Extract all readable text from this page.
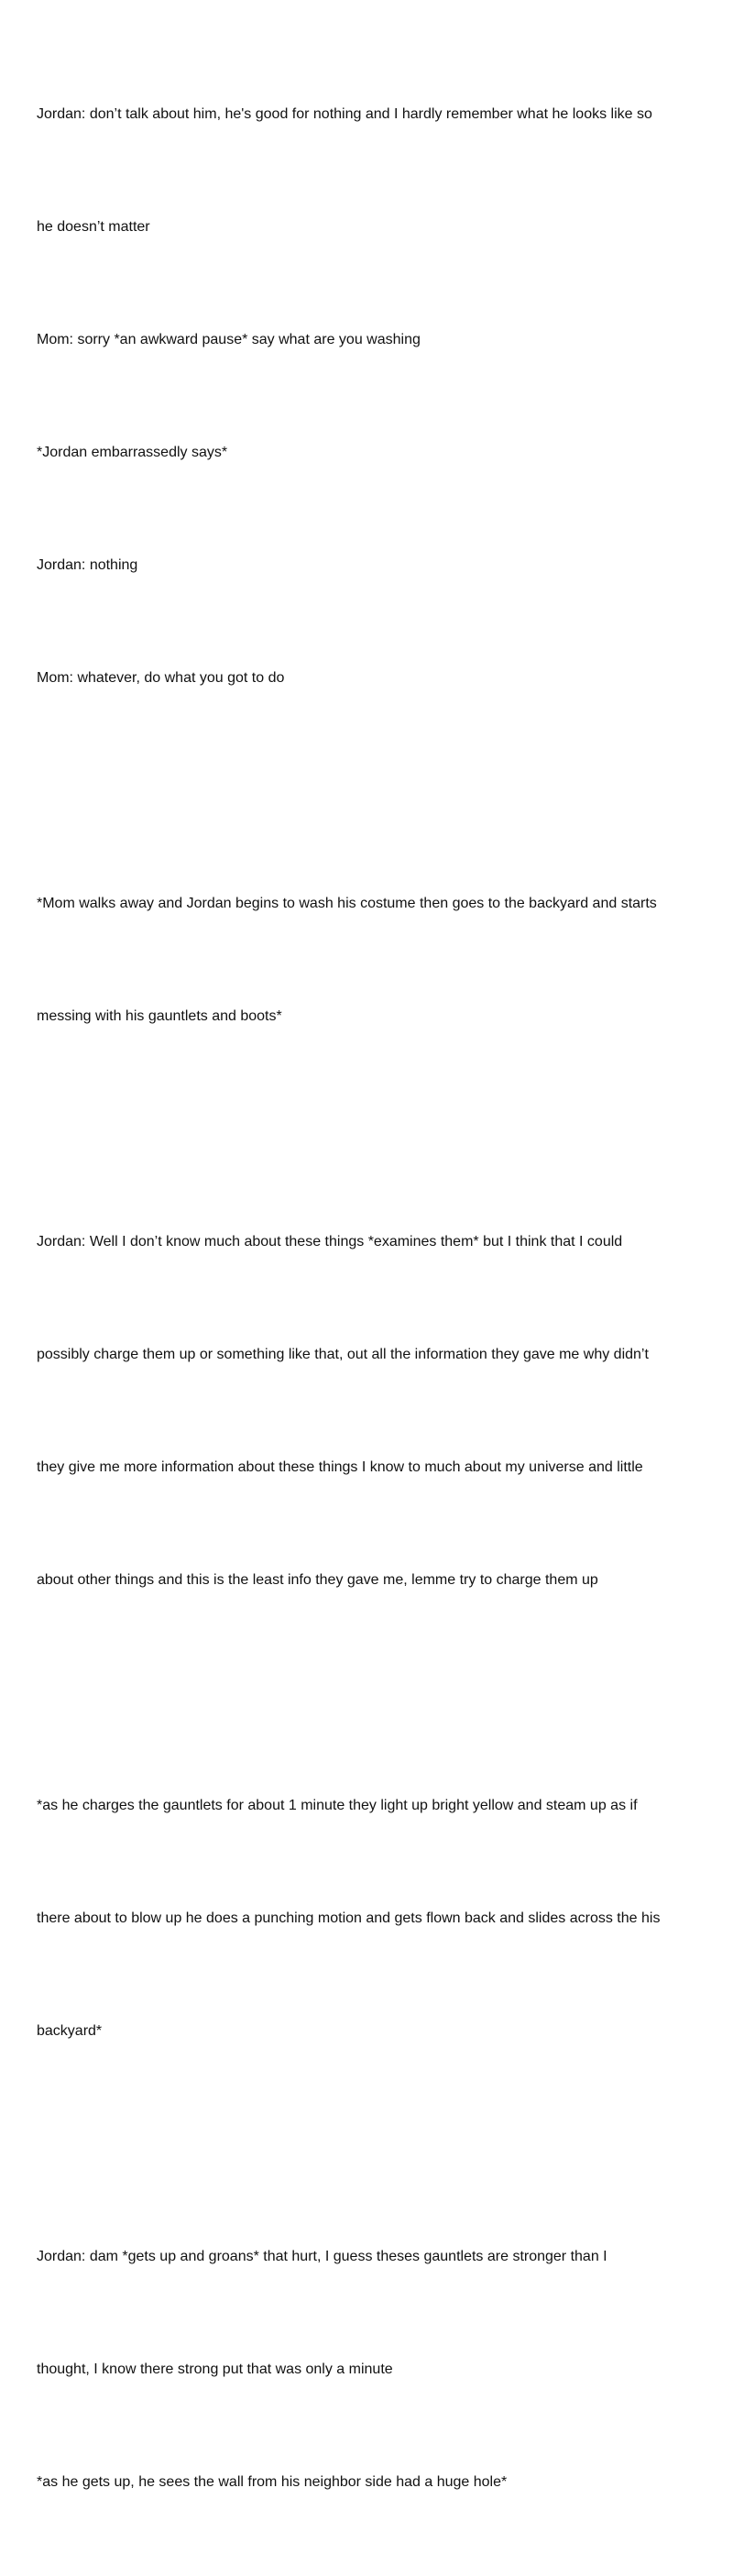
Jordan: don’t talk about him, he's good for nothing and I hardly remember what he looks like so

he doesn’t matter

Mom: sorry *an awkward pause* say what are you washing

*Jordan embarrassedly says*

Jordan: nothing

Mom: whatever, do what you got to do

*Mom walks away and Jordan begins to wash his costume then goes to the backyard and starts

messing with his gauntlets and boots*

Jordan: Well I don’t know much about these things *examines them* but I think that I could

possibly charge them up or something like that, out all the information they gave me why didn’t

they give me more information about these things I know to much about my universe and little

about other things and this is the least info they gave me, lemme try to charge them up

*as he charges the gauntlets for about 1 minute they light up bright yellow and steam up as if

there about to blow up he does a punching motion and gets flown back and slides across the his

backyard*

Jordan: dam *gets up and groans* that hurt, I guess theses gauntlets are stronger than I

thought, I know there strong put that was only a minute

*as he gets up, he sees the wall from his neighbor side had a huge hole*
